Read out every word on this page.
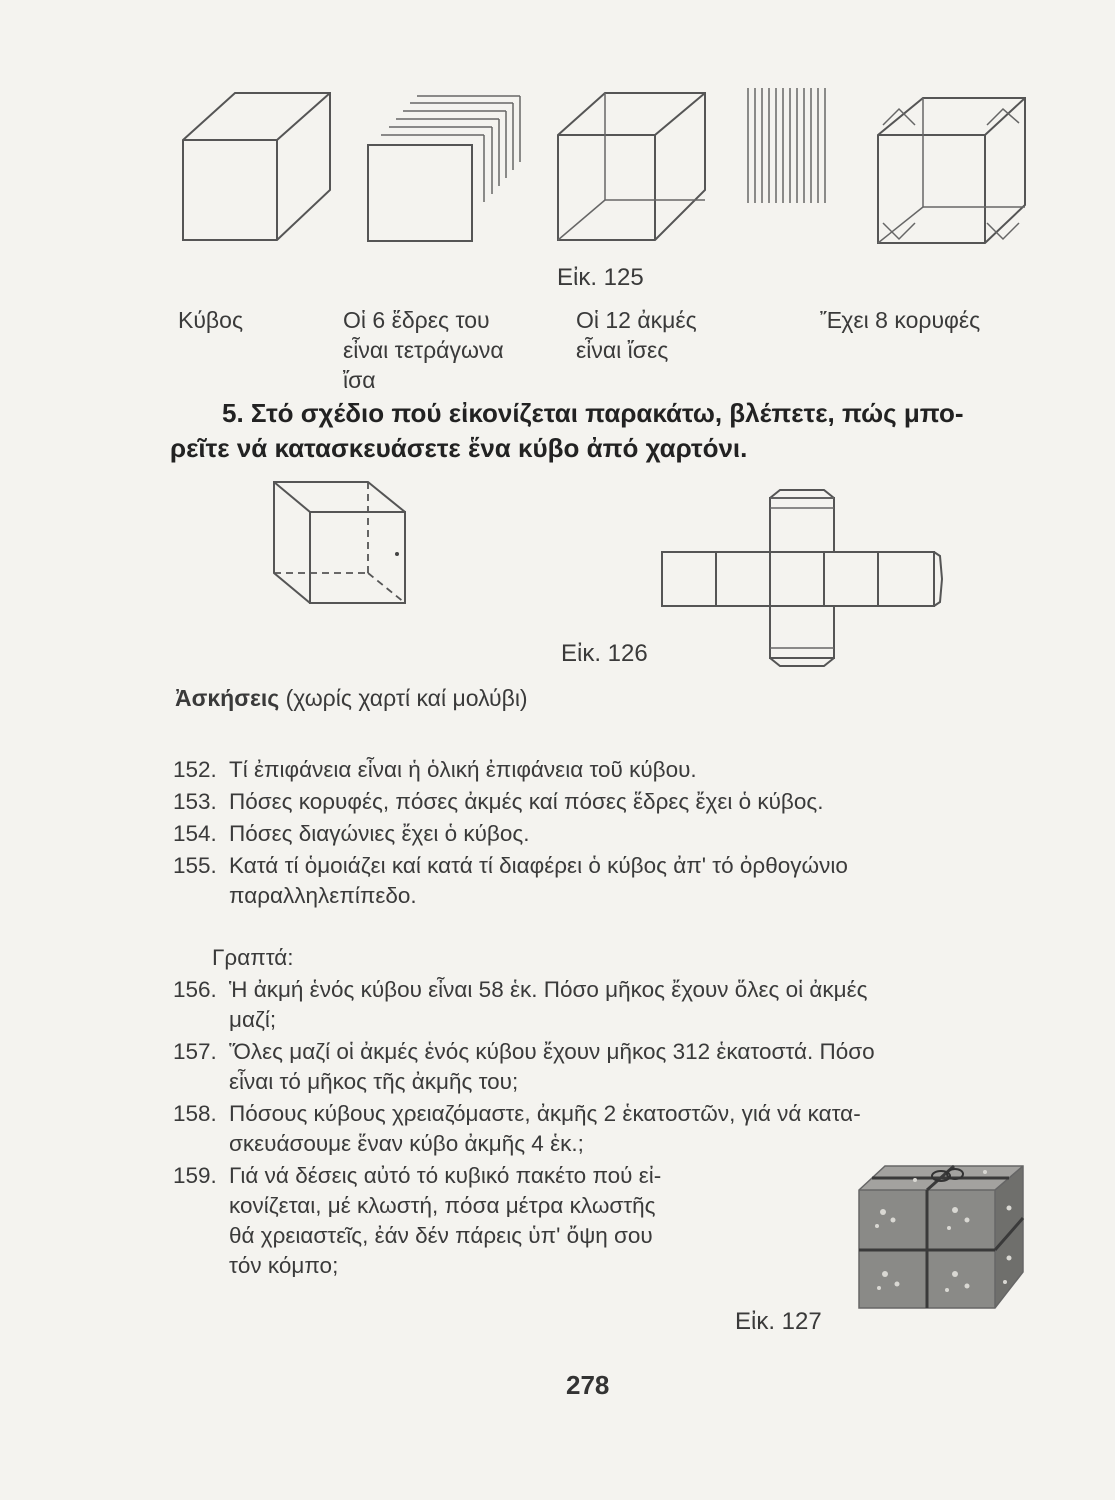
Εἰκ. 125
Κύβος	Οἱ 6 ἕδρες του
εἶναι τετράγωνα
ἴσα
Οἱ 12 ἀκμές
εἶναι ἴσες
Ἔχει 8 κορυφές
5. Στό σχέδιο πού εἰκονίζεται παρακάτω, βλέπετε, πώς μπο-
ρεῖτε νά κατασκευάσετε ἕνα κύβο ἀπό χαρτόνι.
Εἰκ. 126
Ἀσκήσεις (χωρίς χαρτί καί μολύβι)
152. Τί ἐπιφάνεια εἶναι ἡ ὁλική ἐπιφάνεια τοῦ κύβου.
153. Πόσες κορυφές, πόσες ἀκμές καί πόσες ἕδρες ἔχει ὁ κύβος.
154. Πόσες διαγώνιες ἔχει ὁ κύβος.
155. Κατά τί ὁμοιάζει καί κατά τί διαφέρει ὁ κύβος ἀπ' τό ὀρθογώνιο
παραλληλεπίπεδο.
Γραπτά:
156. Ἡ ἀκμή ἑνός κύβου εἶναι 58 ἑκ. Πόσο μῆκος ἔχουν ὅλες οἱ ἀκμές
μαζί;
157. Ὅλες μαζί οἱ ἀκμές ἑνός κύβου ἔχουν μῆκος 312 ἑκατοστά. Πόσο
εἶναι τό μῆκος τῆς ἀκμῆς του;
158. Πόσους κύβους χρειαζόμαστε, ἀκμῆς 2 ἑκατοστῶν, γιά νά κατα-
σκευάσουμε ἕναν κύβο ἀκμῆς 4 ἑκ.;
159. Γιά νά δέσεις αὐτό τό κυβικό πακέτο πού εἰ-
κονίζεται, μέ κλωστή, πόσα μέτρα κλωστῆς
θά χρειαστεῖς, ἐάν δέν πάρεις ὑπ' ὄψη σου
τόν κόμπο;
Εἰκ. 127
278
